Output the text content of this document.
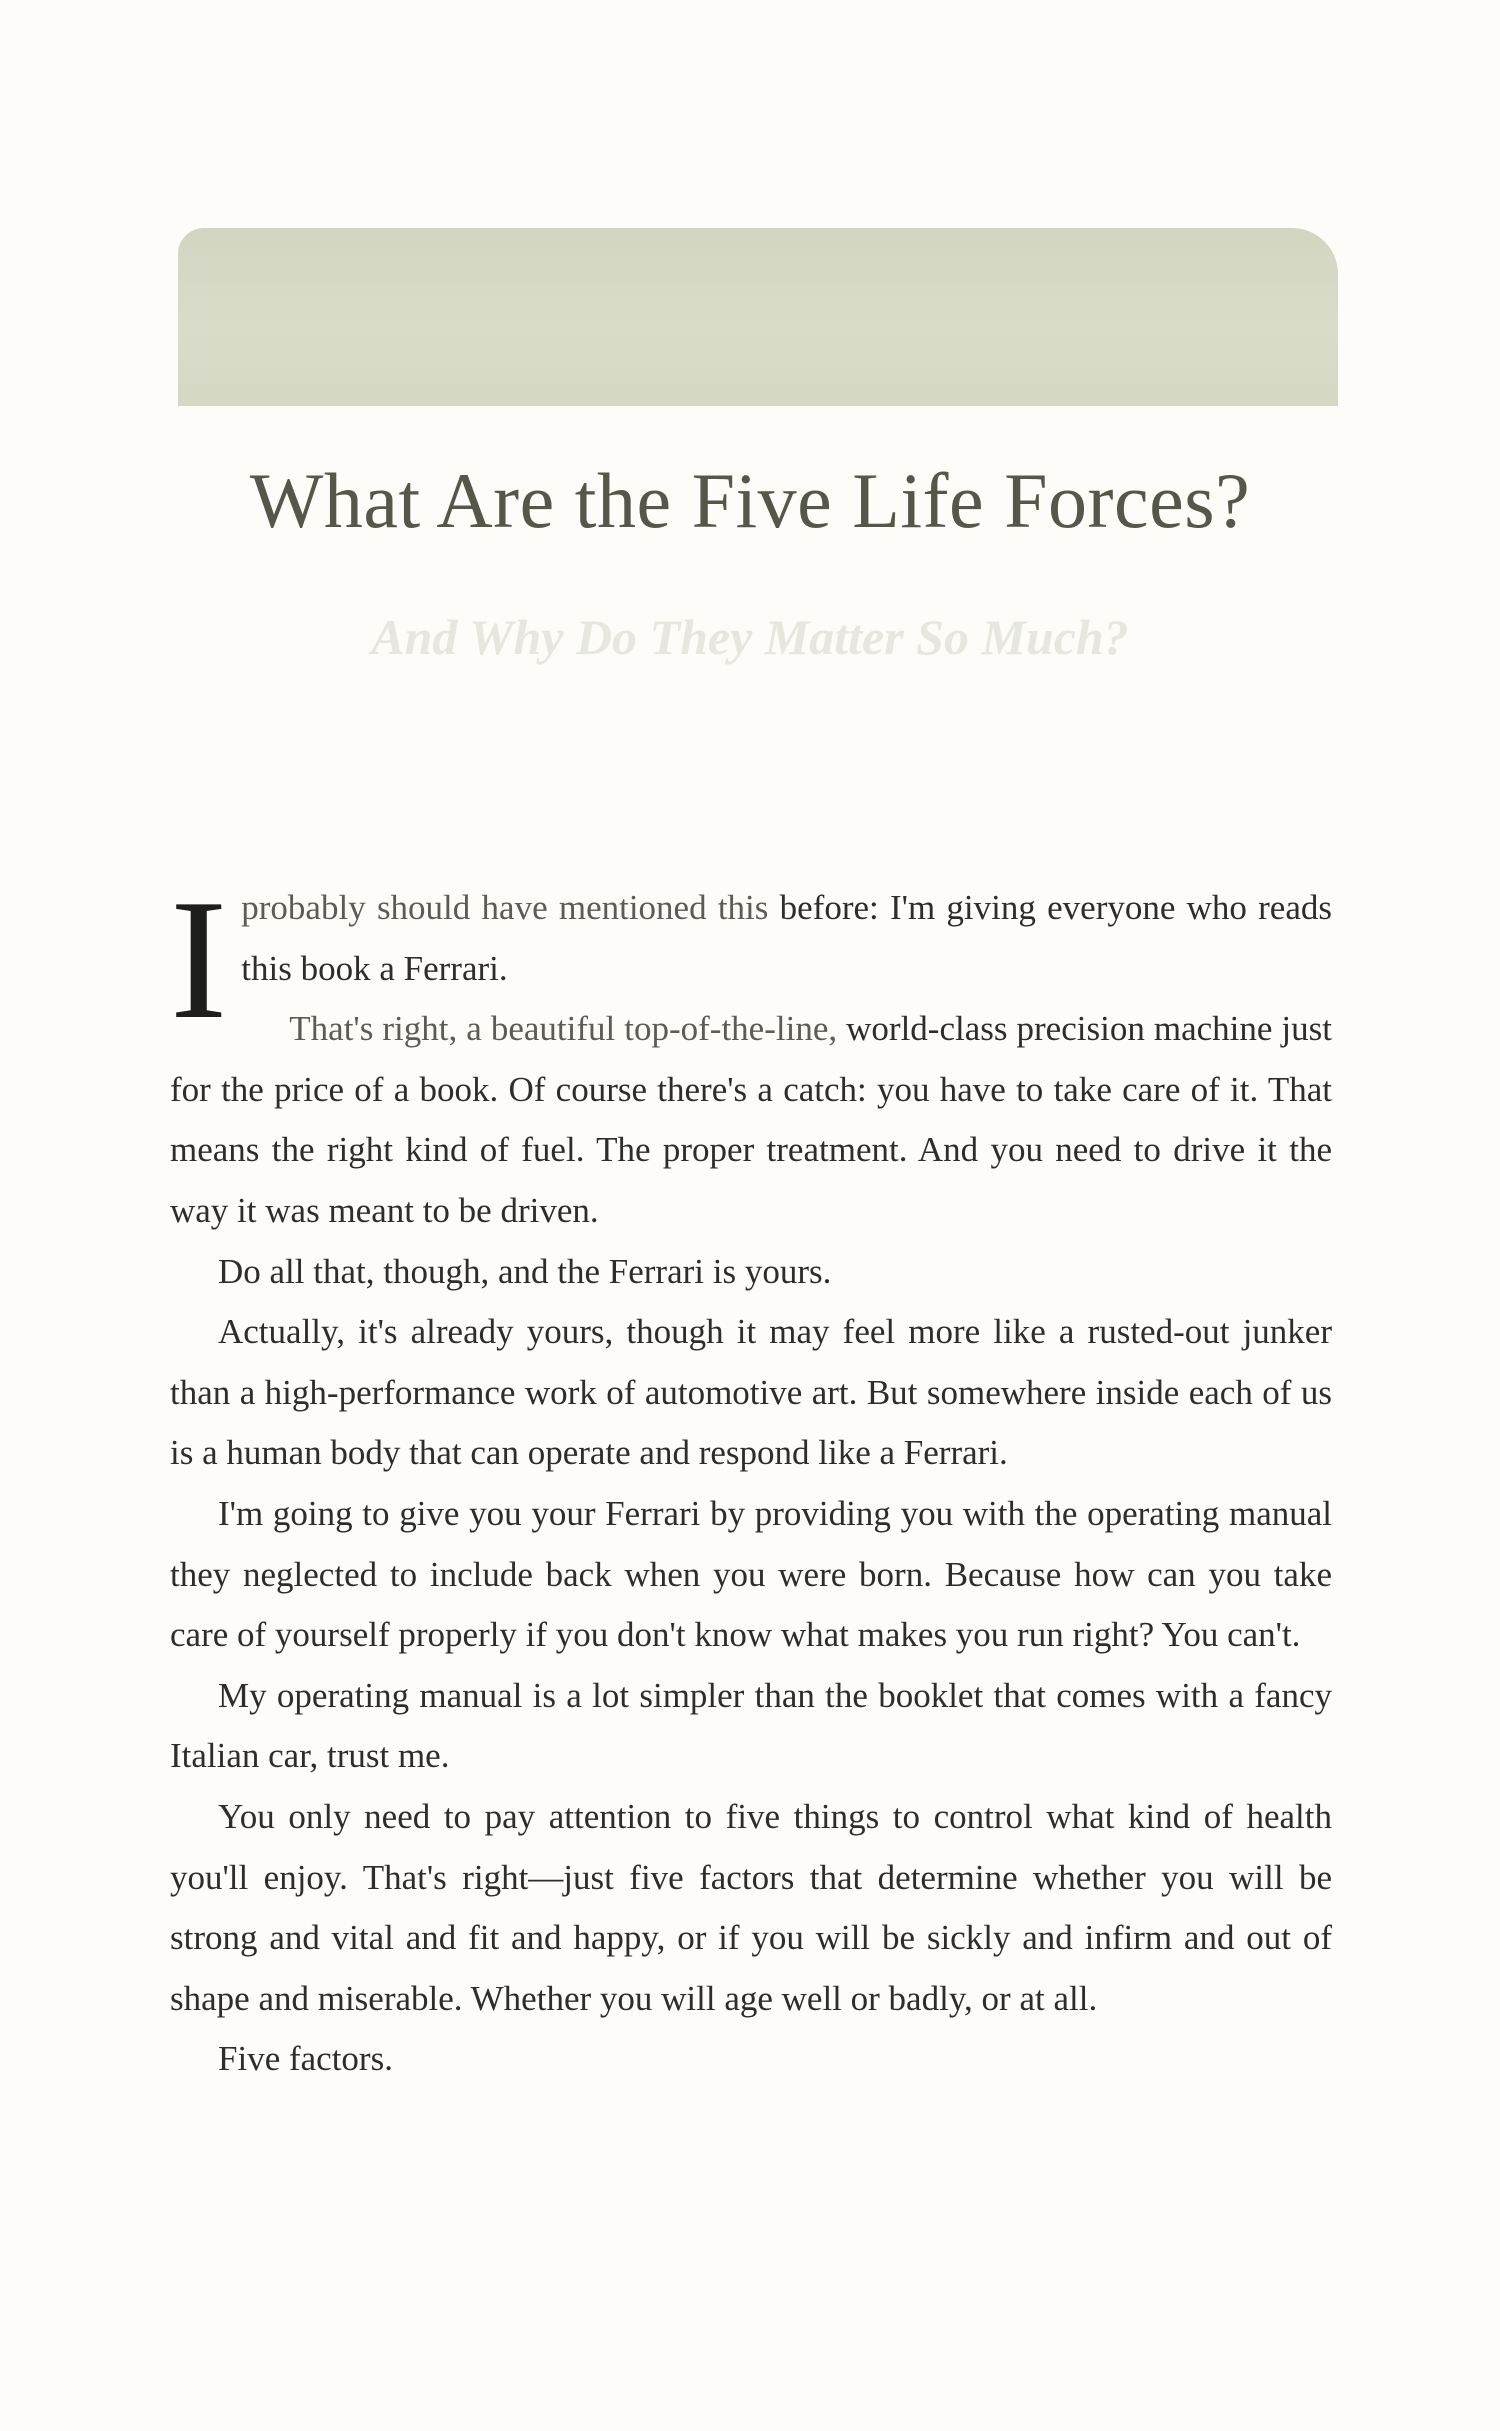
What Are the Five Life Forces?
And Why Do They Matter So Much?

Iprobably should have mentioned this before: I'm giving everyone who reads this book a Ferrari.

That's right, a beautiful top-of-the-line, world-class precision machine just for the price of a book. Of course there's a catch: you have to take care of it. That means the right kind of fuel. The proper treatment. And you need to drive it the way it was meant to be driven.

Do all that, though, and the Ferrari is yours.

Actually, it's already yours, though it may feel more like a rusted-out junker than a high-performance work of automotive art. But somewhere inside each of us is a human body that can operate and respond like a Ferrari.

I'm going to give you your Ferrari by providing you with the operating manual they neglected to include back when you were born. Because how can you take care of yourself properly if you don't know what makes you run right? You can't.

My operating manual is a lot simpler than the booklet that comes with a fancy Italian car, trust me.

You only need to pay attention to five things to control what kind of health you'll enjoy. That's right—just five factors that determine whether you will be strong and vital and fit and happy, or if you will be sickly and infirm and out of shape and miserable. Whether you will age well or badly, or at all.

Five factors.
